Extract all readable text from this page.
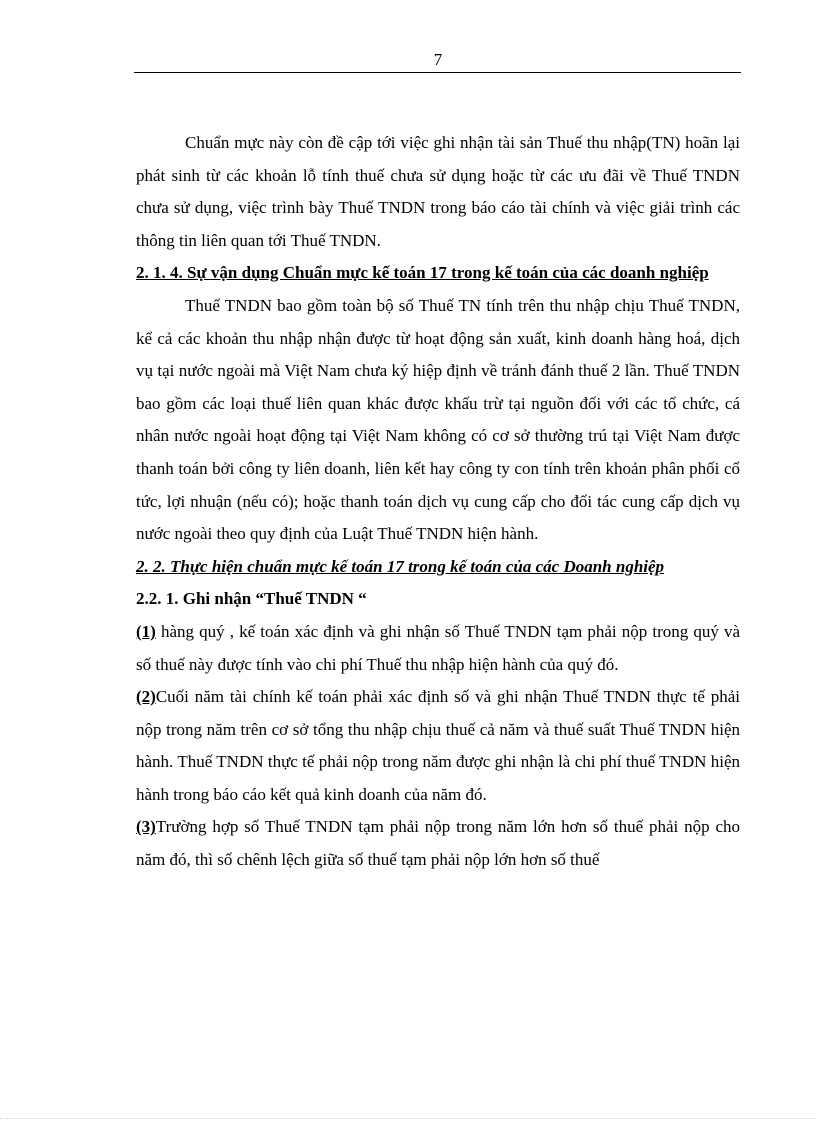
7

Chuẩn mực này còn đề cập tới việc ghi nhận tài sản Thuế thu nhập(TN) hoãn lại phát sinh từ các khoản lỗ tính thuế chưa sử dụng hoặc từ các ưu đãi về Thuế TNDN chưa sử dụng, việc trình bày Thuế TNDN trong báo cáo tài chính và việc giải trình các thông tin liên quan tới Thuế TNDN.

2. 1. 4. Sự vận dụng Chuẩn mực kế toán 17 trong kế toán của các doanh nghiệp

Thuế TNDN bao gồm toàn bộ số Thuế TN tính trên thu nhập chịu Thuế TNDN, kể cả các khoản thu nhập nhận được từ hoạt động sản xuất, kinh doanh hàng hoá, dịch vụ tại nước ngoài mà Việt Nam chưa ký hiệp định về tránh đánh thuế 2 lần. Thuế TNDN bao gồm các loại thuế liên quan khác được khấu trừ tại nguồn đối với các tổ chức, cá nhân nước ngoài hoạt động tại Việt Nam không có cơ sở thường trú tại Việt Nam được thanh toán bởi công ty liên doanh, liên kết hay công ty con tính trên khoản phân phối cổ tức, lợi nhuận (nếu có); hoặc thanh toán dịch vụ cung cấp cho đối tác cung cấp dịch vụ nước ngoài theo quy định của Luật Thuế TNDN hiện hành.

2. 2. Thực hiện chuẩn mực kế toán 17 trong kế toán của các Doanh nghiệp

2.2. 1. Ghi nhận “Thuế TNDN “

(1) hàng quý , kế toán xác định và ghi nhận số Thuế TNDN tạm phải nộp trong quý và số thuế này được tính vào chi phí Thuế thu nhập hiện hành của quý đó.

(2)Cuối năm tài chính kế toán phải xác định số và ghi nhận Thuế TNDN thực tế phải nộp trong năm trên cơ sở tổng thu nhập chịu thuế cả năm và thuế suất Thuế TNDN hiện hành. Thuế TNDN thực tế phải nộp trong năm được ghi nhận là chi phí thuế TNDN hiện hành trong báo cáo kết quả kinh doanh của năm đó.

(3)Trường hợp số Thuế TNDN tạm phải nộp trong năm lớn hơn số thuế phải nộp cho năm đó, thì số chênh lệch giữa số thuế tạm phải nộp lớn hơn số thuế
